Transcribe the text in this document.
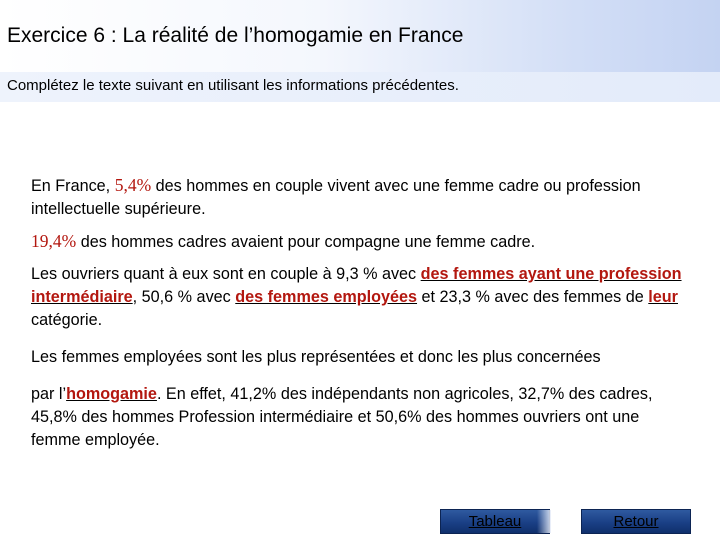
Exercice 6 : La réalité de l’homogamie en France
Complétez le texte suivant en utilisant les informations précédentes.

En France, 5,4% des hommes en couple vivent avec une femme cadre ou profession intellectuelle supérieure.

19,4% des hommes cadres avaient pour compagne une femme cadre.

Les ouvriers quant à eux sont en couple à 9,3 % avec des femmes ayant une profession intermédiaire, 50,6 % avec des femmes employées et 23,3 % avec des femmes de leur catégorie.

Les femmes employées sont les plus représentées et donc les plus concernées

par l’homogamie. En effet, 41,2% des indépendants non agricoles, 32,7% des cadres, 45,8% des hommes Profession intermédiaire et 50,6% des hommes ouvriers ont une femme employée.

Tableau	Retour
